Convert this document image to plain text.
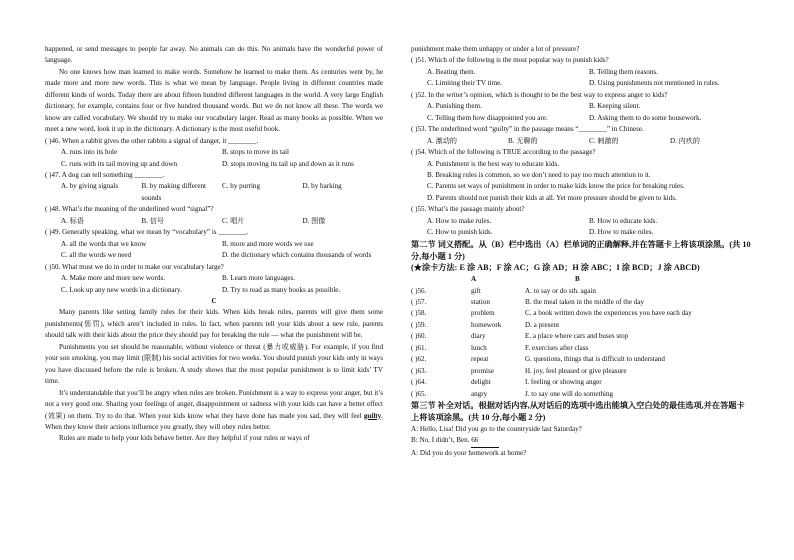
happened, or send messages to people far away. No animals can do this. No animals have the wonderful power of language.

No one knows how man learned to make words. Somehow he learned to make them. As centuries went by, he made more and more new words. This is what we mean by language. People living in different countries made different kinds of words. Today there are about fifteen hundred different languages in the world. A very large English dictionary, for example, contains four or five hundred thousand words. But we do not know all these. The words we know are called vocabulary. We should try to make our vocabulary larger. Read as many books as possible. When we meet a new word, look it up in the dictionary. A dictionary is the most useful book.

( )46. When a rabbit gives the other rabbits a signal of danger, it ________.
A. runs into its hole	B. stops to move its tail
C. runs with its tail moving up and down	D. stops moving its tail up and down as it runs
( )47. A dog can tell something ________.
A. by giving signals	B. by making different sounds
C. by purring	D. by barking
( )48. What’s the meaning of the underlined word “signal”?
A. 标语	B. 信号	C. 唱片	D. 图像
( )49. Generally speaking, what we mean by “vocabulary” is ________.
A. all the words that we know	B. more and more words we use
C. all the words we need	D. the dictionary which contains thousands of words
( )50. What must we do in order to make our vocabulary large?
A. Make more and more new words.	B. Learn more languages.
C. Look up any new words in a dictionary.	D. Try to read as many books as possible.
C

Many parents like setting family rules for their kids. When kids break rules, parents will give them some punishments(惩罚), which aren’t included in rules. In fact, when parents tell your kids about a new rule, parents should talk with their kids about the price they should pay for breaking the rule — what the punishment will be.

Punishments you set should be reasonable, without violence or threat (暴力或威胁). For example, if you find your son smoking, you may limit (限制) his social activities for two weeks. You should punish your kids only in ways you have discussed before the rule is broken. A study shows that the most popular punishment is to limit kids’ TV time.

It’s understandable that you’ll be angry when rules are broken. Punishment is a way to express your anger, but it’s not a very good one. Sharing your feelings of anger, disappointment or sadness with your kids can have a better effect (效果) on them. Try to do that. When your kids know what they have done has made you sad, they will feel guilty. When they know their actions influence you greatly, they will obey rules better.

Rules are made to help your kids behave better. Are they helpful if your rules or ways of

punishment make them unhappy or under a lot of pressure?

( )51. Which of the following is the most popular way to punish kids?
A. Beating them.	B. Telling them reasons.
C. Limiting their TV time.	D. Using punishments not mentioned in rules.
( )52. In the writer’s opinion, which is thought to be the best way to express anger to kids?
A. Punishing them.	B. Keeping silent.
C. Telling them how disappointed you are.	D. Asking them to do some housework.
( )53. The underlined word “guilty” in the passage means “________” in Chinese.
A. 激动的	B. 无聊的	C. 刺激的	D. 内疚的
( )54. Which of the following is TRUE according to the passage?
A. Punishment is the best way to educate kids.
B. Breaking rules is common, so we don’t need to pay too much attention to it.
C. Parents set ways of punishment in order to make kids know the price for breaking rules.
D. Parents should not punish their kids at all. Yet more pressure should be given to kids.
( )55. What’s the passage mainly about?
A. How to make rules.	B. How to educate kids.
C. How to punish kids.	D. How to make rules.
第二节 词义搭配。从（B）栏中选出（A）栏单词的正确解释,并在答题卡上将该项涂黑。(共 10 分,每小题 1 分)
(★涂卡方法: E 涂 AB；F 涂 AC；G 涂 AD；H 涂 ABC；I 涂 BCD；J 涂 ABCD)
A	B
( )56.	gift	A. to say or do sth. again
( )57.	station	B. the meal taken in the middle of the day
( )58.	problem	C. a book written down the experiences you have each day
( )59.	homework	D. a present
( )60.	diary	E. a place where cars and buses stop
( )61.	lunch	F. exercises after class
( )62.	repeat	G. questions, things that is difficult to understand
( )63.	promise	H. joy, feel pleased or give pleasure
( )64.	delight	I. feeling or showing anger
( )65.	angry	J. to say one will do something
第三节 补全对话。根据对话内容,从对话后的选项中选出能填入空白处的最佳选项,并在答题卡上将该项涂黑。(共 10 分,每小题 2 分)
A: Hello, Lisa! Did you go to the countryside last Saturday?
B: No, I didn’t, Ben. 66
A: Did you do your homework at home?
